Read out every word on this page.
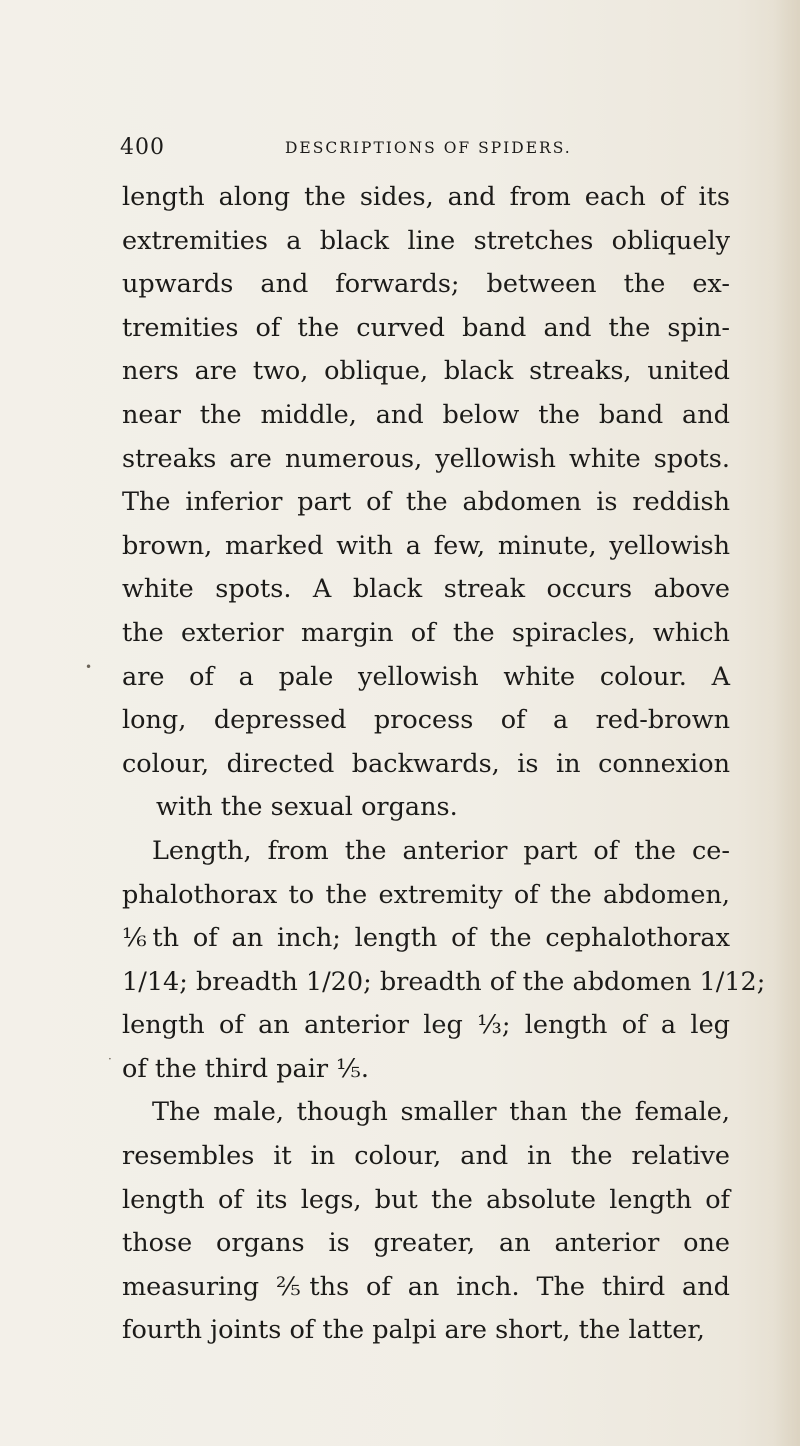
400	DESCRIPTIONS OF SPIDERS.
•
·
length along the sides, and from each of its
extremities a black line stretches obliquely
upwards and forwards; between the ex-
tremities of the curved band and the spin-
ners are two, oblique, black streaks, united
near the middle, and below the band and
streaks are numerous, yellowish white spots.
The inferior part of the abdomen is reddish
brown, marked with a few, minute, yellowish
white spots. A black streak occurs above
the exterior margin of the spiracles, which
are of a pale yellowish white colour. A
long, depressed process of a red-brown
colour, directed backwards, is in connexion
with the sexual organs.
Length, from the anterior part of the ce-
phalothorax to the extremity of the abdomen,
⅙th of an inch; length of the cephalothorax
1/14; breadth 1/20; breadth of the abdomen 1/12;
length of an anterior leg ⅓; length of a leg
of the third pair ⅕.
The male, though smaller than the female,
resembles it in colour, and in the relative
length of its legs, but the absolute length of
those organs is greater, an anterior one
measuring ⅖ths of an inch. The third and
fourth joints of the palpi are short, the latter,
